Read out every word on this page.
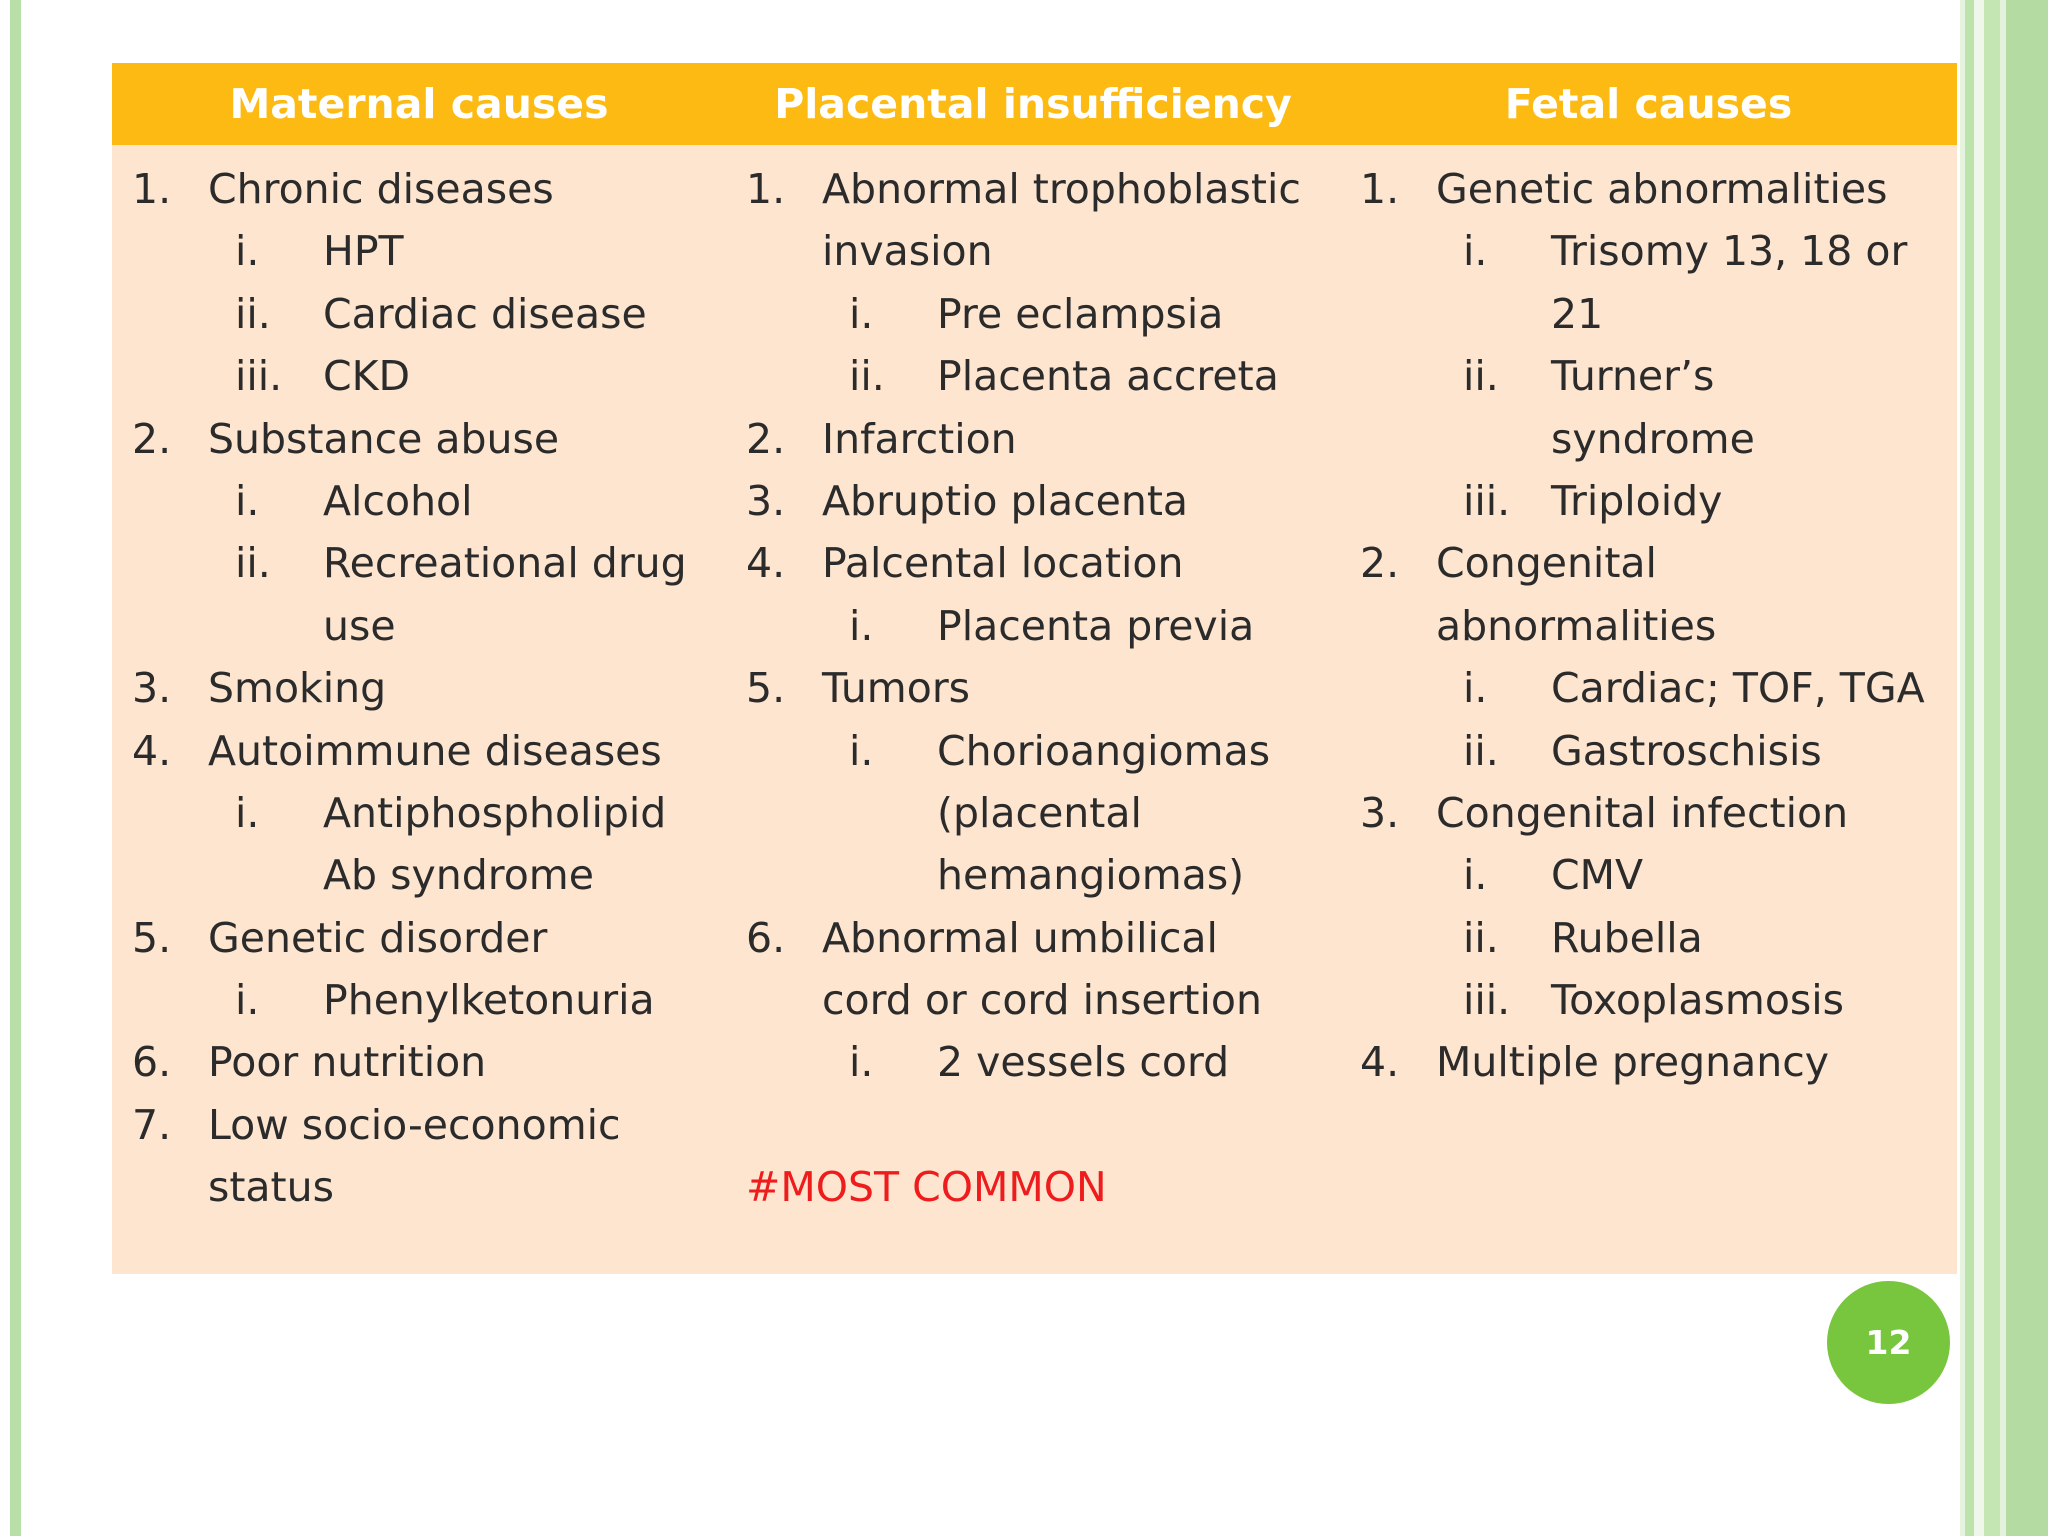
Maternal causes	Placental insufficiency	Fetal causes
1. Chronic diseases
i. HPT
ii. Cardiac disease
iii. CKD
2. Substance abuse
i. Alcohol
ii. Recreational drug
use
3. Smoking
4. Autoimmune diseases
i. Antiphospholipid
Ab syndrome
5. Genetic disorder
i. Phenylketonuria
6. Poor nutrition
7. Low socio-economic
status
1. Abnormal trophoblastic
invasion
i. Pre eclampsia
ii. Placenta accreta
2. Infarction
3. Abruptio placenta
4. Palcental location
i. Placenta previa
5. Tumors
i. Chorioangiomas
(placental
hemangiomas)
6. Abnormal umbilical
cord or cord insertion
i. 2 vessels cord
#MOST COMMON
1. Genetic abnormalities
i. Trisomy 13, 18 or
21
ii. Turner’s
syndrome
iii. Triploidy
2. Congenital
abnormalities
i. Cardiac; TOF, TGA
ii. Gastroschisis
3. Congenital infection
i. CMV
ii. Rubella
iii. Toxoplasmosis
4. Multiple pregnancy
12
